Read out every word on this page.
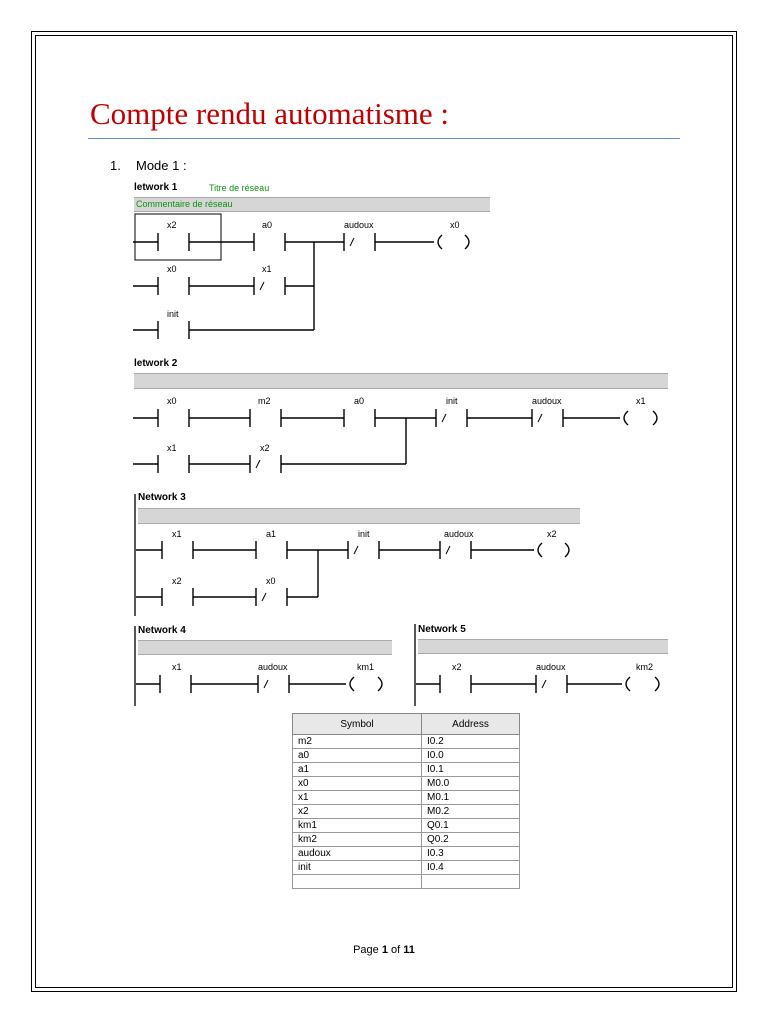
Compte rendu automatisme :
1. Mode 1 :
letwork 1	Titre de réseau
Commentaire de réseau
x2	a0	audoux	x0
x0	x1
init
letwork 2
x0	m2	a0	init	audoux	x1
x1	x2
Network 3
x1	a1	init	audoux	x2
x2	x0
Network 4
x1	audoux	km1
Network 5
x2	audoux	km2
Symbol	Address
m2	I0.2
a0	I0.0
a1	I0.1
x0	M0.0
x1	M0.1
x2	M0.2
km1	Q0.1
km2	Q0.2
audoux	I0.3
init	I0.4

Page 1 of 11
